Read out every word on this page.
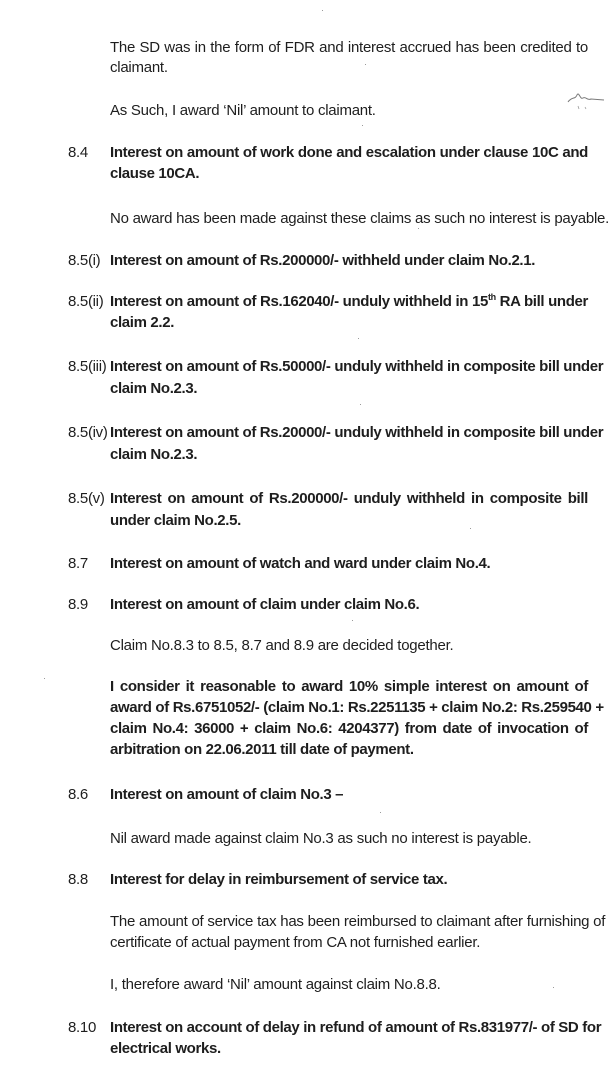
The SD was in the form of FDR and interest accrued has been credited to
claimant.
As Such, I award ‘Nil’ amount to claimant.
8.4 Interest on amount of work done and escalation under clause 10C and
clause 10CA.
No award has been made against these claims as such no interest is payable.
8.5(i) Interest on amount of Rs.200000/- withheld under claim No.2.1.
8.5(ii) Interest on amount of Rs.162040/- unduly withheld in 15th RA bill under
claim 2.2.
8.5(iii) Interest on amount of Rs.50000/- unduly withheld in composite bill under
claim No.2.3.
8.5(iv) Interest on amount of Rs.20000/- unduly withheld in composite bill under
claim No.2.3.
8.5(v) Interest on amount of Rs.200000/- unduly withheld in composite bill
under claim No.2.5.
8.7 Interest on amount of watch and ward under claim No.4.
8.9 Interest on amount of claim under claim No.6.
Claim No.8.3 to 8.5, 8.7 and 8.9 are decided together.
I consider it reasonable to award 10% simple interest on amount of
award of Rs.6751052/- (claim No.1: Rs.2251135 + claim No.2: Rs.259540 +
claim No.4: 36000 + claim No.6: 4204377) from date of invocation of
arbitration on 22.06.2011 till date of payment.
8.6 Interest on amount of claim No.3 –
Nil award made against claim No.3 as such no interest is payable.
8.8 Interest for delay in reimbursement of service tax.
The amount of service tax has been reimbursed to claimant after furnishing of
certificate of actual payment from CA not furnished earlier.
I, therefore award ‘Nil’ amount against claim No.8.8.
8.10 Interest on account of delay in refund of amount of Rs.831977/- of SD for
electrical works.
